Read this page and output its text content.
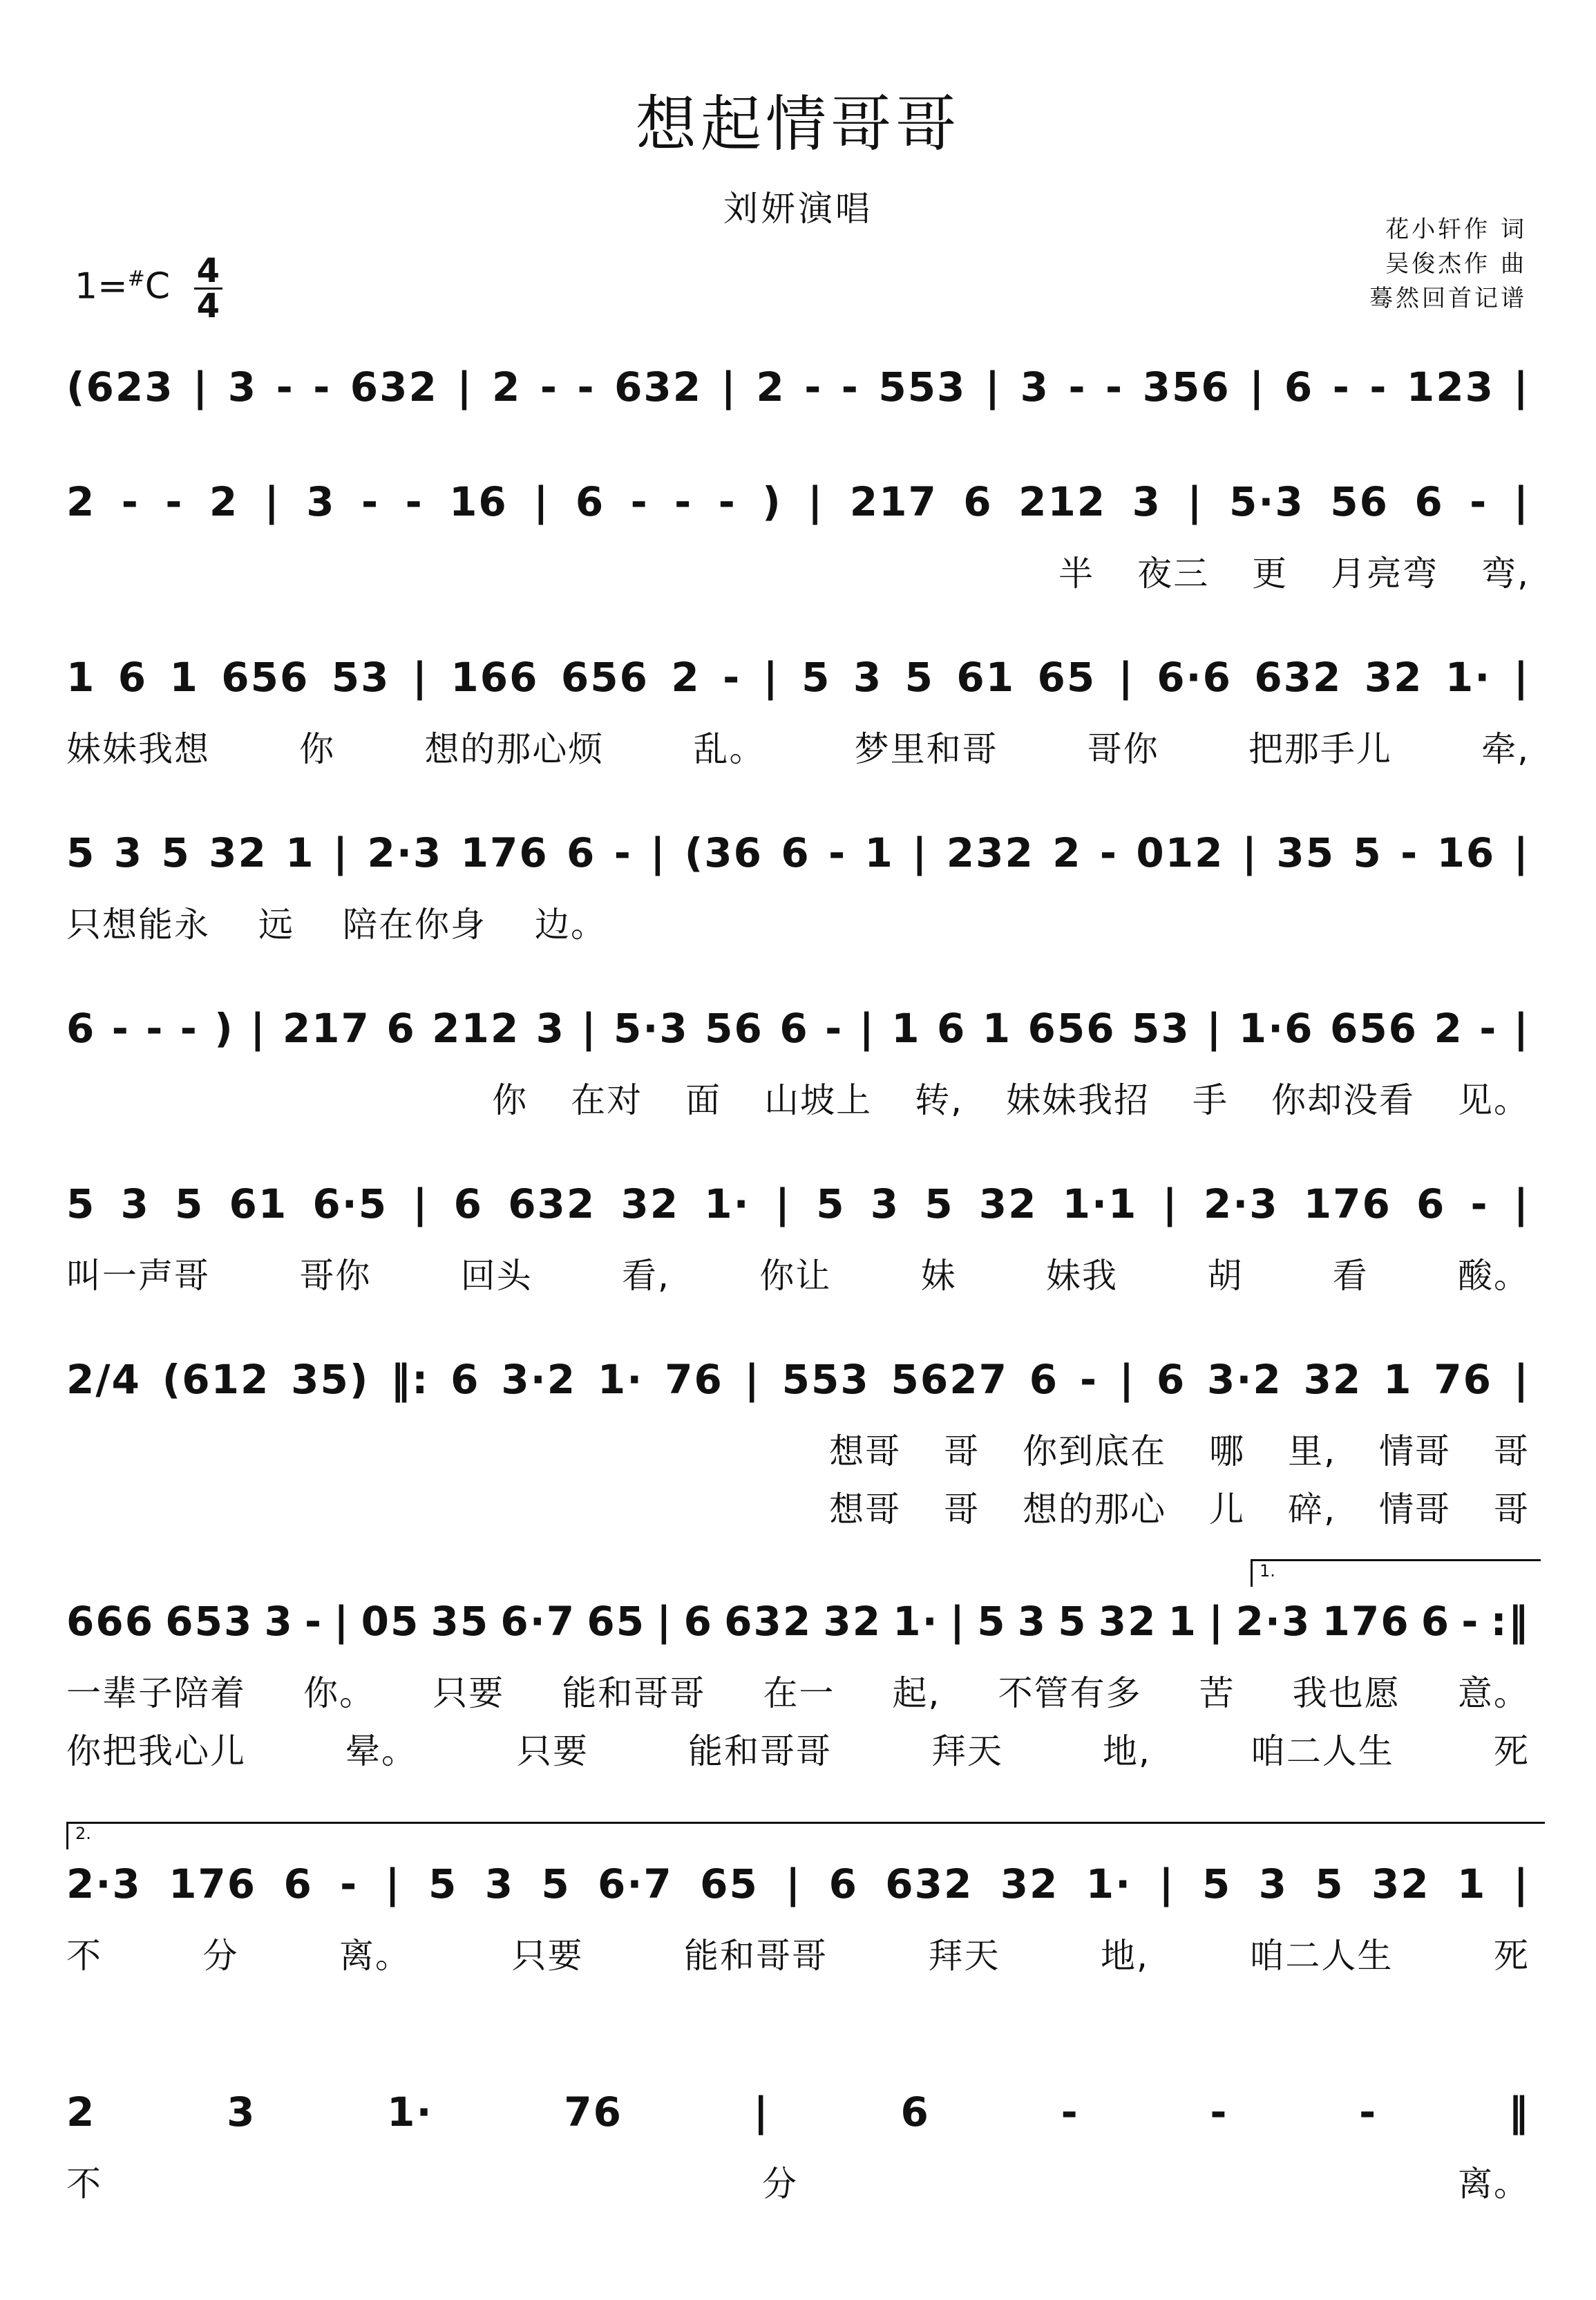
想起情哥哥
刘妍演唱
花小轩作 词
吴俊杰作 曲
蓦然回首记谱
$1=^{\#}C \frac{4}{4}$
(623 | 3 - - 632 | 2 - - 632 | 2 - - 553 | 3 - - 356 | 6 - - 123 |
2 - - 2 | 3 - - 16 | 6 - - - ) | 217 6 212 3 | 5·3 56 6 - |
半 夜三 更 月亮弯 弯,
1 6 1 656 53 | 166 656 2 - | 5 3 5 61 65 | 6·6 632 32 1· |
妹妹我想	你	想的那心烦	乱。	梦里和哥	哥你	把那手儿	牵,
5 3 5 32 1 | 2·3 176 6 - | (36 6 - 1 | 232 2 - 012 | 35 5 - 16 |
只想能永 远 陪在你身 边。
6 - - - ) | 217 6 212 3 | 5·3 56 6 - | 1 6 1 656 53 | 1·6 656 2 - |
你 在对 面 山坡上 转, 妹妹我招 手 你却没看 见。
5 3 5 61 6·5 | 6 632 32 1· | 5 3 5 32 1·1 | 2·3 176 6 - |
叫一声哥	哥你	回头	看,	你让	妹	妹我	胡	看	酸。
2/4 (612 35) ‖: 6 3·2 1· 76 | 553 5627 6 - | 6 3·2 32 1 76 |
想哥 哥 你到底在 哪 里, 情哥 哥
想哥 哥 想的那心 儿 碎, 情哥 哥
1.
666 653 3 - | 05 35 6·7 65 | 6 632 32 1· | 5 3 5 32 1 | 2·3 176 6 - :‖
一辈子陪着 你。 只要 能和哥哥 在一 起, 不管有多 苦 我也愿 意。
你把我心儿	晕。	只要	能和哥哥	拜天	地,	咱二人生	死
2.
2·3 176 6 - | 5 3 5 6·7 65 | 6 632 32 1· | 5 3 5 32 1 |
不	分	离。	只要	能和哥哥	拜天	地,	咱二人生	死
2	3	1·	76	|	6	-	-	-	‖
不	分	离。
